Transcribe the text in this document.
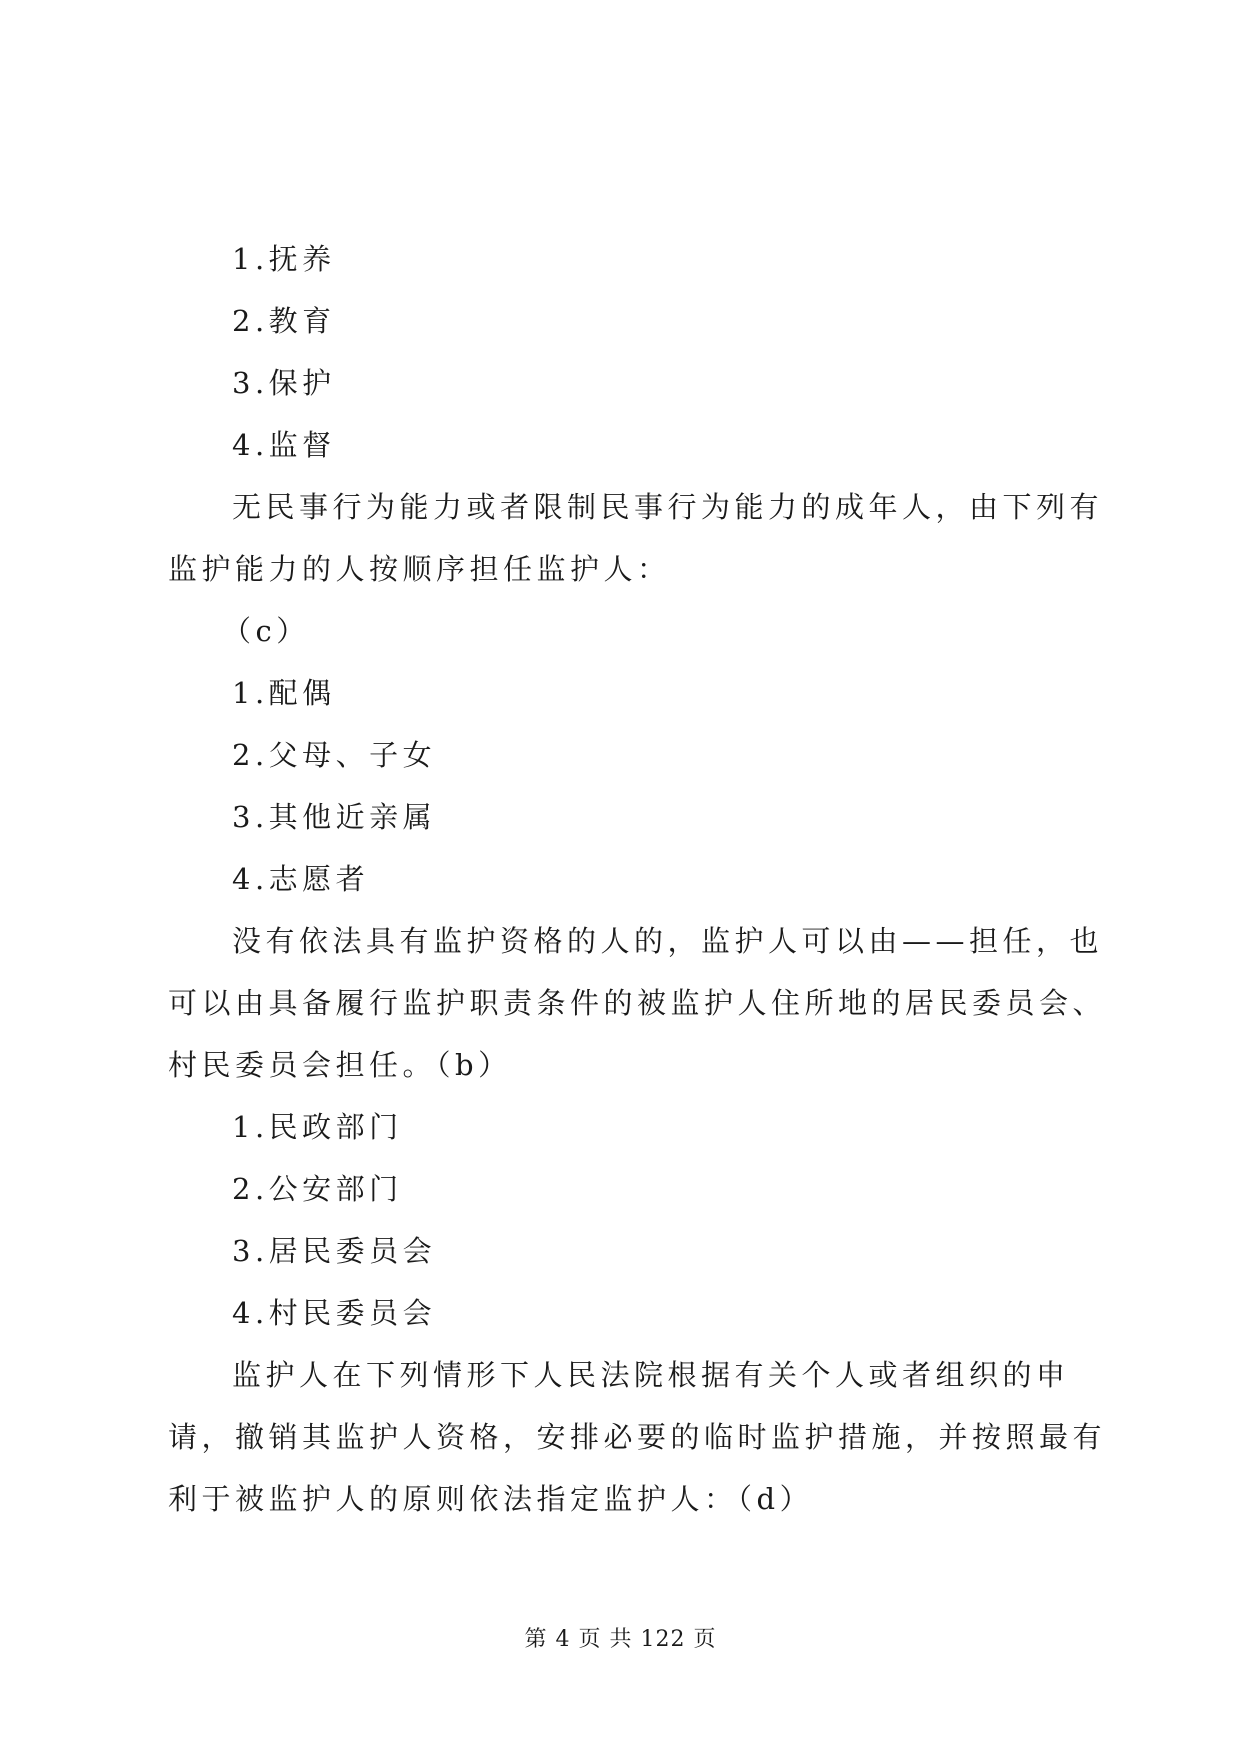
1.抚养

2.教育

3.保护

4.监督

无民事行为能力或者限制民事行为能力的成年人，由下列有

监护能力的人按顺序担任监护人：

（c）

1.配偶

2.父母、子女

3.其他近亲属

4.志愿者

没有依法具有监护资格的人的，监护人可以由——担任，也

可以由具备履行监护职责条件的被监护人住所地的居民委员会、

村民委员会担任。（b）

1.民政部门

2.公安部门

3.居民委员会

4.村民委员会

监护人在下列情形下人民法院根据有关个人或者组织的申

请，撤销其监护人资格，安排必要的临时监护措施，并按照最有

利于被监护人的原则依法指定监护人：（d）

第 4 页 共 122 页
